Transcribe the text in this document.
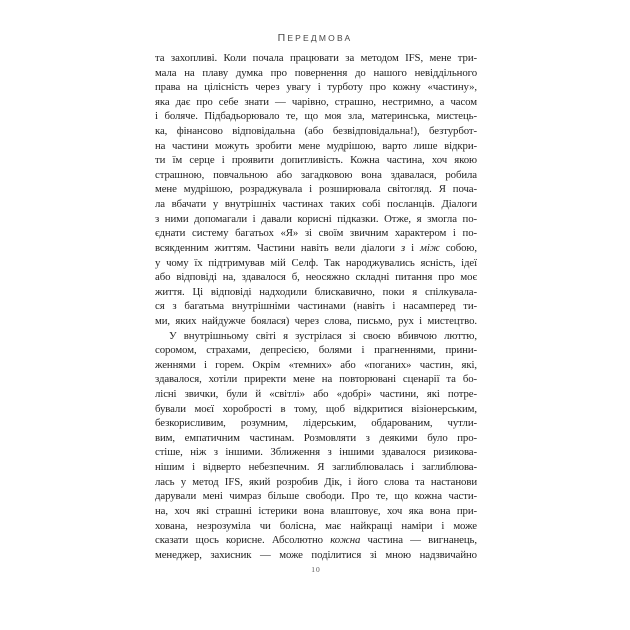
ПЕРЕДМОВА
та захопливі. Коли почала працювати за методом IFS, мене три-
мала на плаву думка про повернення до нашого невіддільного
права на цілісність через увагу і турботу про кожну «частину»,
яка дає про себе знати — чарівно, страшно, нестримно, а часом
і боляче. Підбадьорювало те, що моя зла, материнська, мистець-
ка, фінансово відповідальна (або безвідповідальна!), безтурбот-
на частини можуть зробити мене мудрішою, варто лише відкри-
ти їм серце і проявити допитливість. Кожна частина, хоч якою
страшною, повчальною або загадковою вона здавалася, робила
мене мудрішою, розраджувала і розширювала світогляд. Я поча-
ла вбачати у внутрішніх частинах таких собі посланців. Діалоги
з ними допомагали і давали корисні підказки. Отже, я змогла по-
єднати систему багатьох «Я» зі своїм звичним характером і по-
всякденним життям. Частини навіть вели діалоги з і між собою,
у чому їх підтримував мій Селф. Так народжувались ясність, ідеї
або відповіді на, здавалося б, неосяжно складні питання про моє
життя. Ці відповіді надходили блискавично, поки я спілкувала-
ся з багатьма внутрішніми частинами (навіть і насамперед ти-
ми, яких найдужче боялася) через слова, письмо, рух і мистецтво.
У внутрішньому світі я зустрілася зі своєю вбивчою люттю,
соромом, страхами, депресією, болями і прагненнями, прини-
женнями і горем. Окрім «темних» або «поганих» частин, які,
здавалося, хотіли приректи мене на повторювані сценарії та бо-
лісні звички, були й «світлі» або «добрі» частини, які потре-
бували моєї хоробрості в тому, щоб відкритися візіонерським,
безкорисливим, розумним, лідерським, обдарованим, чутли-
вим, емпатичним частинам. Розмовляти з деякими було про-
стіше, ніж з іншими. Зближення з іншими здавалося ризикова-
нішим і відверто небезпечним. Я заглиблювалась і заглиблюва-
лась у метод IFS, який розробив Дік, і його слова та настанови
дарували мені чимраз більше свободи. Про те, що кожна части-
на, хоч які страшні істерики вона влаштовує, хоч яка вона при-
хована, незрозуміла чи болісна, має найкращі наміри і може
сказати щось корисне. Абсолютно кожна частина — вигнанець,
менеджер, захисник — може поділитися зі мною надзвичайно
10
